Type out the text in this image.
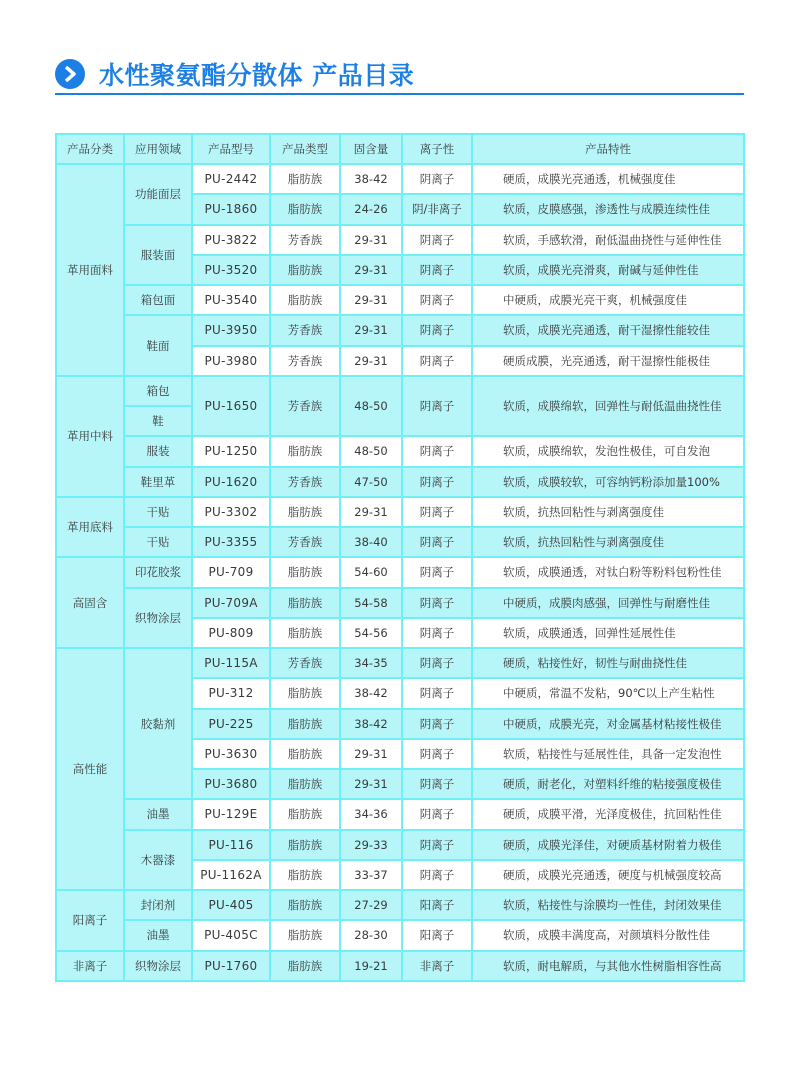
水性聚氨酯分散体 产品目录
产品分类	应用领域	产品型号	产品类型	固含量	离子性	产品特性
革用面料	功能面层	PU-2442	脂肪族	38-42	阴离子	硬质，成膜光亮通透，机械强度佳
		PU-1860	脂肪族	24-26	阴/非离子	软质，皮膜感强，渗透性与成膜连续性佳
	服装面	PU-3822	芳香族	29-31	阴离子	软质，手感软滑，耐低温曲挠性与延伸性佳
		PU-3520	脂肪族	29-31	阴离子	软质，成膜光亮滑爽，耐碱与延伸性佳
	箱包面	PU-3540	脂肪族	29-31	阴离子	中硬质，成膜光亮干爽，机械强度佳
	鞋面	PU-3950	芳香族	29-31	阴离子	软质，成膜光亮通透，耐干湿擦性能较佳
		PU-3980	芳香族	29-31	阴离子	硬质成膜，光亮通透，耐干湿擦性能极佳
革用中料	箱包	PU-1650	芳香族	48-50	阴离子	软质，成膜绵软，回弹性与耐低温曲挠性佳
	鞋					
	服装	PU-1250	脂肪族	48-50	阴离子	软质，成膜绵软，发泡性极佳，可自发泡
	鞋里革	PU-1620	芳香族	47-50	阴离子	软质，成膜较软，可容纳钙粉添加量100%
革用底料	干贴	PU-3302	脂肪族	29-31	阴离子	软质，抗热回粘性与剥离强度佳
	干贴	PU-3355	芳香族	38-40	阴离子	软质，抗热回粘性与剥离强度佳
高固含	印花胶浆	PU-709	脂肪族	54-60	阴离子	软质，成膜通透，对钛白粉等粉料包粉性佳
	织物涂层	PU-709A	脂肪族	54-58	阴离子	中硬质，成膜肉感强，回弹性与耐磨性佳
		PU-809	脂肪族	54-56	阴离子	软质，成膜通透，回弹性延展性佳
高性能	胶黏剂	PU-115A	芳香族	34-35	阴离子	硬质，粘接性好，韧性与耐曲挠性佳
		PU-312	脂肪族	38-42	阴离子	中硬质，常温不发粘，90℃以上产生粘性
		PU-225	脂肪族	38-42	阴离子	中硬质，成膜光亮，对金属基材粘接性极佳
		PU-3630	脂肪族	29-31	阴离子	软质，粘接性与延展性佳，具备一定发泡性
		PU-3680	脂肪族	29-31	阴离子	硬质，耐老化，对塑料纤维的粘接强度极佳
	油墨	PU-129E	脂肪族	34-36	阴离子	硬质，成膜平滑，光泽度极佳，抗回粘性佳
	木器漆	PU-116	脂肪族	29-33	阴离子	硬质，成膜光泽佳，对硬质基材附着力极佳
		PU-1162A	脂肪族	33-37	阴离子	硬质，成膜光亮通透，硬度与机械强度较高
阳离子	封闭剂	PU-405	脂肪族	27-29	阳离子	软质，粘接性与涂膜均一性佳，封闭效果佳
	油墨	PU-405C	脂肪族	28-30	阳离子	软质，成膜丰满度高，对颜填料分散性佳
非离子	织物涂层	PU-1760	脂肪族	19-21	非离子	软质，耐电解质，与其他水性树脂相容性高
